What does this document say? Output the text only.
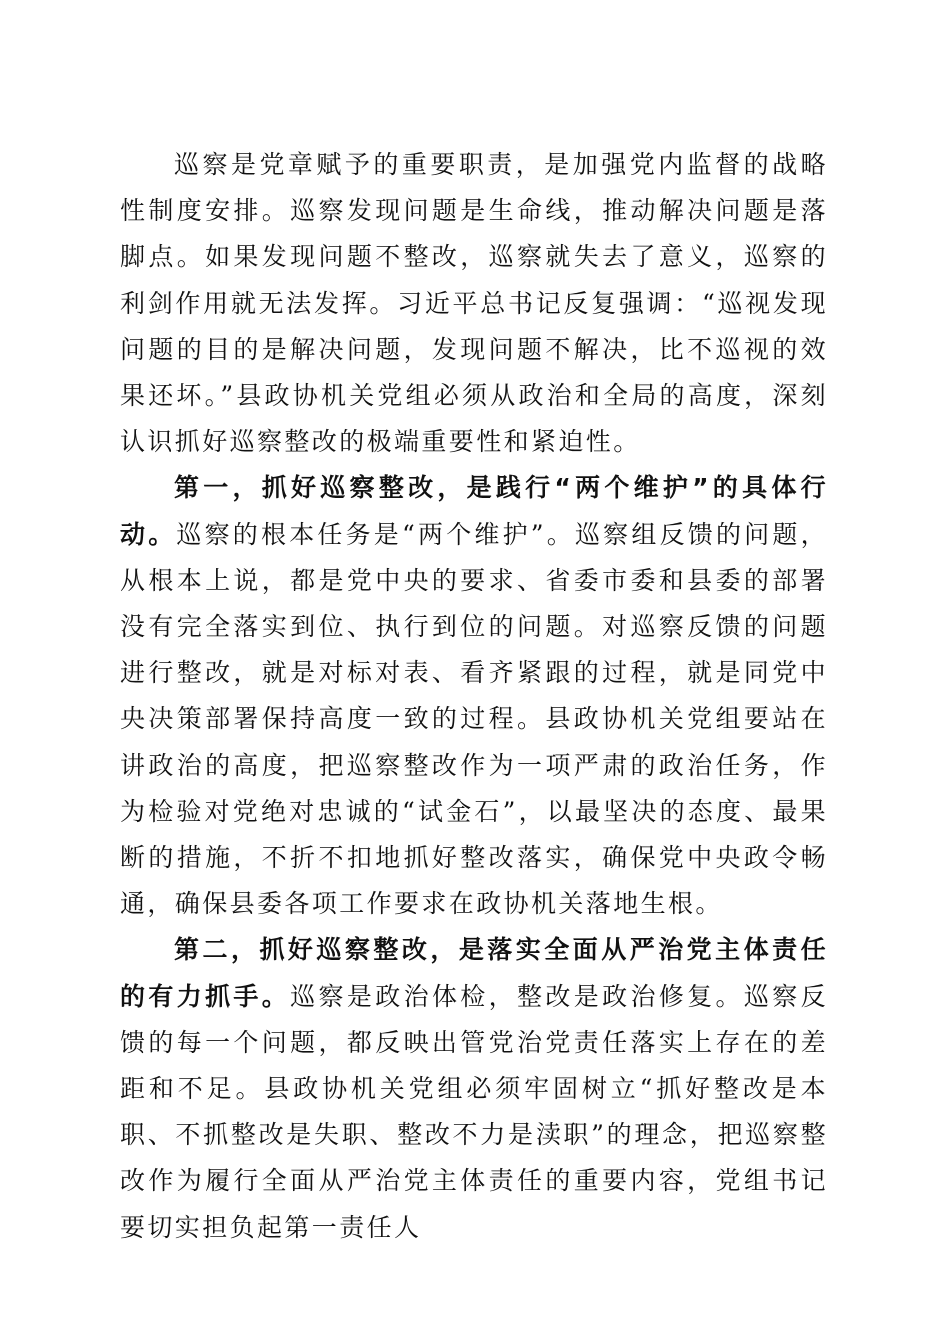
巡察是党章赋予的重要职责，是加强党内监督的战略性制度安排。巡察发现问题是生命线，推动解决问题是落脚点。如果发现问题不整改，巡察就失去了意义，巡察的利剑作用就无法发挥。习近平总书记反复强调：“巡视发现问题的目的是解决问题，发现问题不解决，比不巡视的效果还坏。”县政协机关党组必须从政治和全局的高度，深刻认识抓好巡察整改的极端重要性和紧迫性。

第一，抓好巡察整改，是践行“两个维护”的具体行动。巡察的根本任务是“两个维护”。巡察组反馈的问题，从根本上说，都是党中央的要求、省委市委和县委的部署没有完全落实到位、执行到位的问题。对巡察反馈的问题进行整改，就是对标对表、看齐紧跟的过程，就是同党中央决策部署保持高度一致的过程。县政协机关党组要站在讲政治的高度，把巡察整改作为一项严肃的政治任务，作为检验对党绝对忠诚的“试金石”，以最坚决的态度、最果断的措施，不折不扣地抓好整改落实，确保党中央政令畅通，确保县委各项工作要求在政协机关落地生根。

第二，抓好巡察整改，是落实全面从严治党主体责任的有力抓手。巡察是政治体检，整改是政治修复。巡察反馈的每一个问题，都反映出管党治党责任落实上存在的差距和不足。县政协机关党组必须牢固树立“抓好整改是本职、不抓整改是失职、整改不力是渎职”的理念，把巡察整改作为履行全面从严治党主体责任的重要内容，党组书记要切实担负起第一责任人
